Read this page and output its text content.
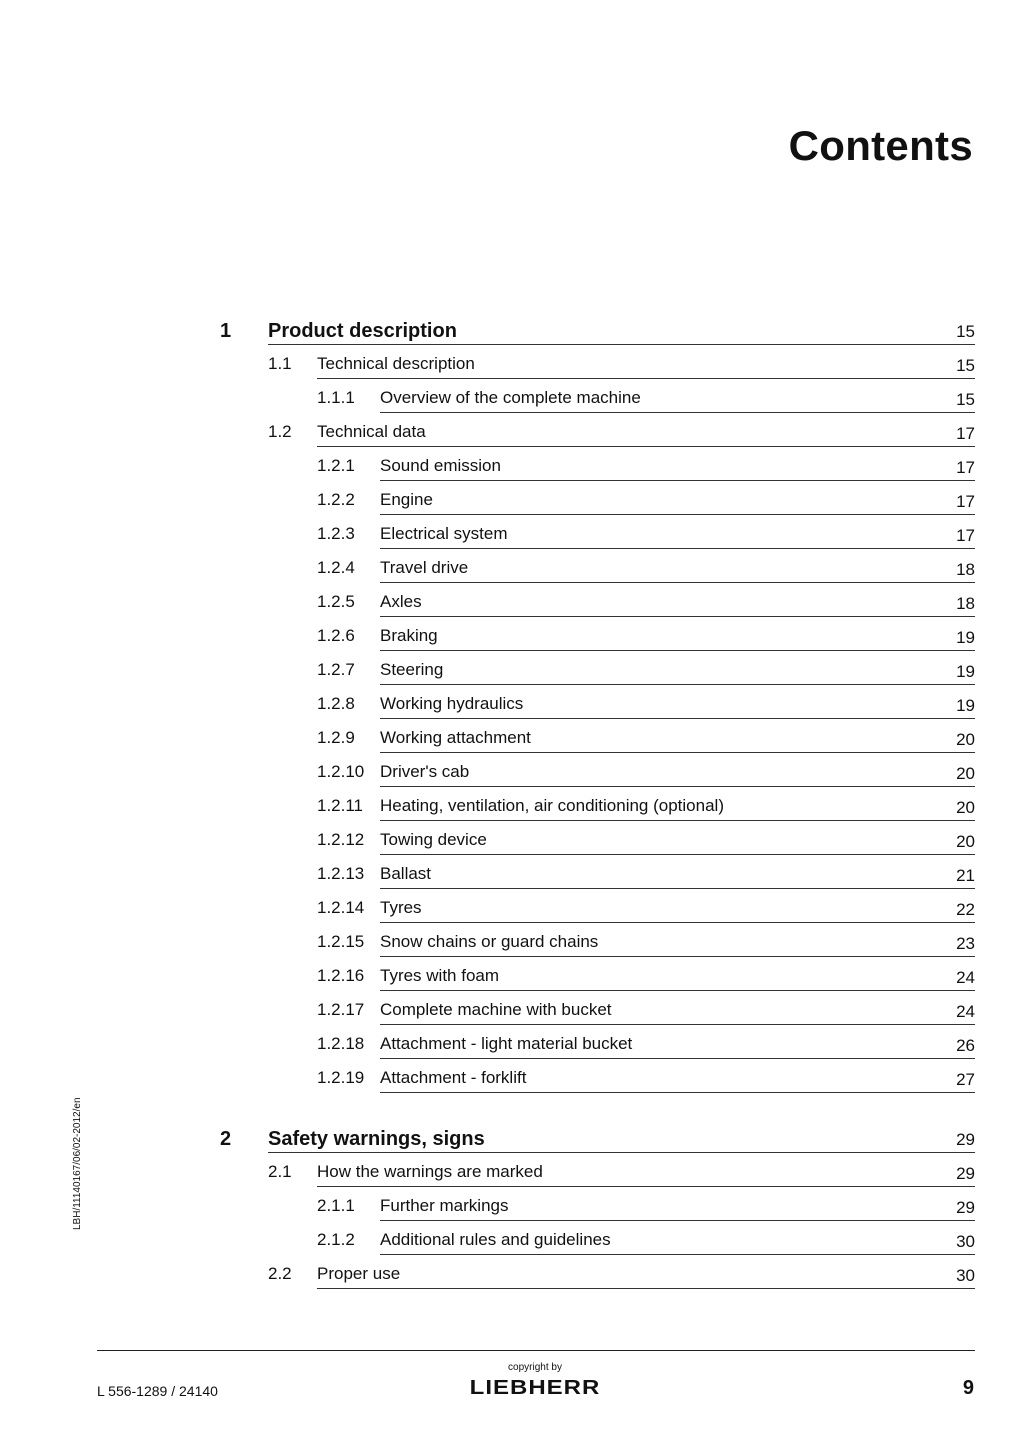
Contents
1 Product description	15
1.1 Technical description	15
1.1.1 Overview of the complete machine	15
1.2 Technical data	17
1.2.1 Sound emission	17
1.2.2 Engine	17
1.2.3 Electrical system	17
1.2.4 Travel drive	18
1.2.5 Axles	18
1.2.6 Braking	19
1.2.7 Steering	19
1.2.8 Working hydraulics	19
1.2.9 Working attachment	20
1.2.10 Driver's cab	20
1.2.11 Heating, ventilation, air conditioning (optional)	20
1.2.12 Towing device	20
1.2.13 Ballast	21
1.2.14 Tyres	22
1.2.15 Snow chains or guard chains	23
1.2.16 Tyres with foam	24
1.2.17 Complete machine with bucket	24
1.2.18 Attachment - light material bucket	26
1.2.19 Attachment - forklift	27
2 Safety warnings, signs	29
2.1 How the warnings are marked	29
2.1.1 Further markings	29
2.1.2 Additional rules and guidelines	30
2.2 Proper use	30
LBH/11140167/06/02-2012/en
L 556-1289 / 24140
copyright by
LIEBHERR	9
